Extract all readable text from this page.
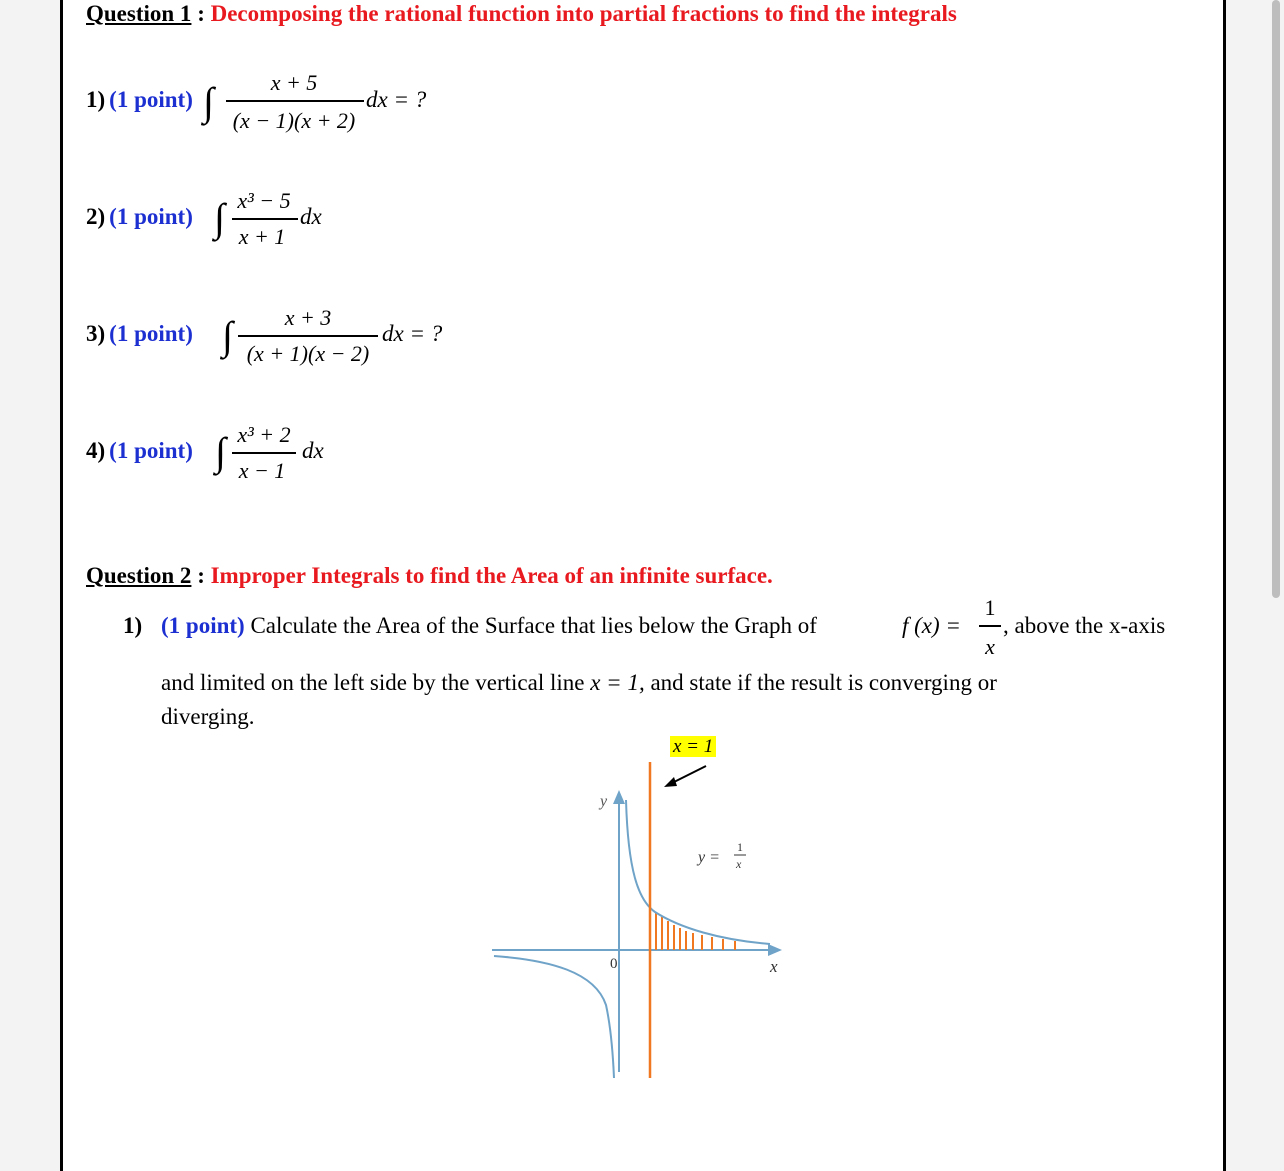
Question 1 : Decomposing the rational function into partial fractions to find the integrals
1) (1 point) ∫	x + 5
(x − 1)(x + 2)
dx = ?
2) (1 point) ∫ x³ − 5
x + 1
dx
3) (1 point) ∫	x + 3
(x + 1)(x − 2)
dx = ?
4) (1 point) ∫ x³ + 2
x − 1
dx
Question 2 : Improper Integrals to find the Area of an infinite surface.
1) (1 point) Calculate the Area of the Surface that lies below the Graph of	f (x) =
1
x
, above the x-axis
and limited on the left side by the vertical line x = 1, and state if the result is converging or
diverging.
x = 1
y
0	x
y =
1
x
